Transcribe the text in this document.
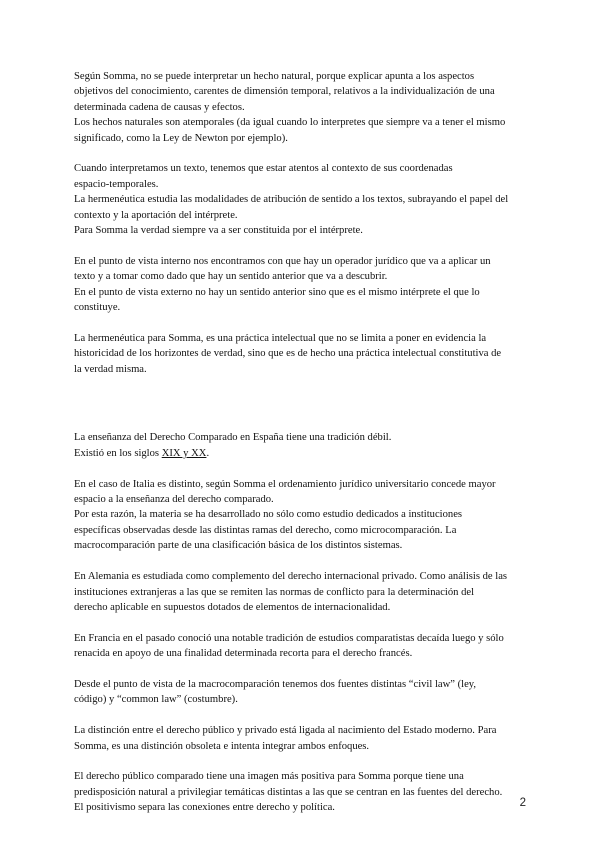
Según Somma, no se puede interpretar un hecho natural, porque explicar apunta a los aspectos
objetivos del conocimiento, carentes de dimensión temporal, relativos a la individualización de una
determinada cadena de causas y efectos.
Los hechos naturales son atemporales (da igual cuando lo interpretes que siempre va a tener el mismo
significado, como la Ley de Newton por ejemplo).
Cuando interpretamos un texto, tenemos que estar atentos al contexto de sus coordenadas
espacio-temporales.
La hermenéutica estudia las modalidades de atribución de sentido a los textos, subrayando el papel del
contexto y la aportación del intérprete.
Para Somma la verdad siempre va a ser constituida por el intérprete.
En el punto de vista interno nos encontramos con que hay un operador jurídico que va a aplicar un
texto y a tomar como dado que hay un sentido anterior que va a descubrir.
En el punto de vista externo no hay un sentido anterior sino que es el mismo intérprete el que lo
constituye.
La hermenéutica para Somma, es una práctica intelectual que no se limita a poner en evidencia la
historicidad de los horizontes de verdad, sino que es de hecho una práctica intelectual constitutiva de
la verdad misma.
La enseñanza del Derecho Comparado en España tiene una tradición débil.
Existió en los siglos XIX y XX.
En el caso de Italia es distinto, según Somma el ordenamiento jurídico universitario concede mayor
espacio a la enseñanza del derecho comparado.
Por esta razón, la materia se ha desarrollado no sólo como estudio dedicados a instituciones
específicas observadas desde las distintas ramas del derecho, como microcomparación. La
macrocomparación parte de una clasificación básica de los distintos sistemas.
En Alemania es estudiada como complemento del derecho internacional privado. Como análisis de las
instituciones extranjeras a las que se remiten las normas de conflicto para la determinación del
derecho aplicable en supuestos dotados de elementos de internacionalidad.
En Francia en el pasado conoció una notable tradición de estudios comparatistas decaída luego y sólo
renacida en apoyo de una finalidad determinada recorta para el derecho francés.
Desde el punto de vista de la macrocomparación tenemos dos fuentes distintas “civil law” (ley,
código) y “common law” (costumbre).
La distinción entre el derecho público y privado está ligada al nacimiento del Estado moderno. Para
Somma, es una distinción obsoleta e intenta integrar ambos enfoques.
El derecho público comparado tiene una imagen más positiva para Somma porque tiene una
predisposición natural a privilegiar temáticas distintas a las que se centran en las fuentes del derecho.
El positivismo separa las conexiones entre derecho y política.	2
